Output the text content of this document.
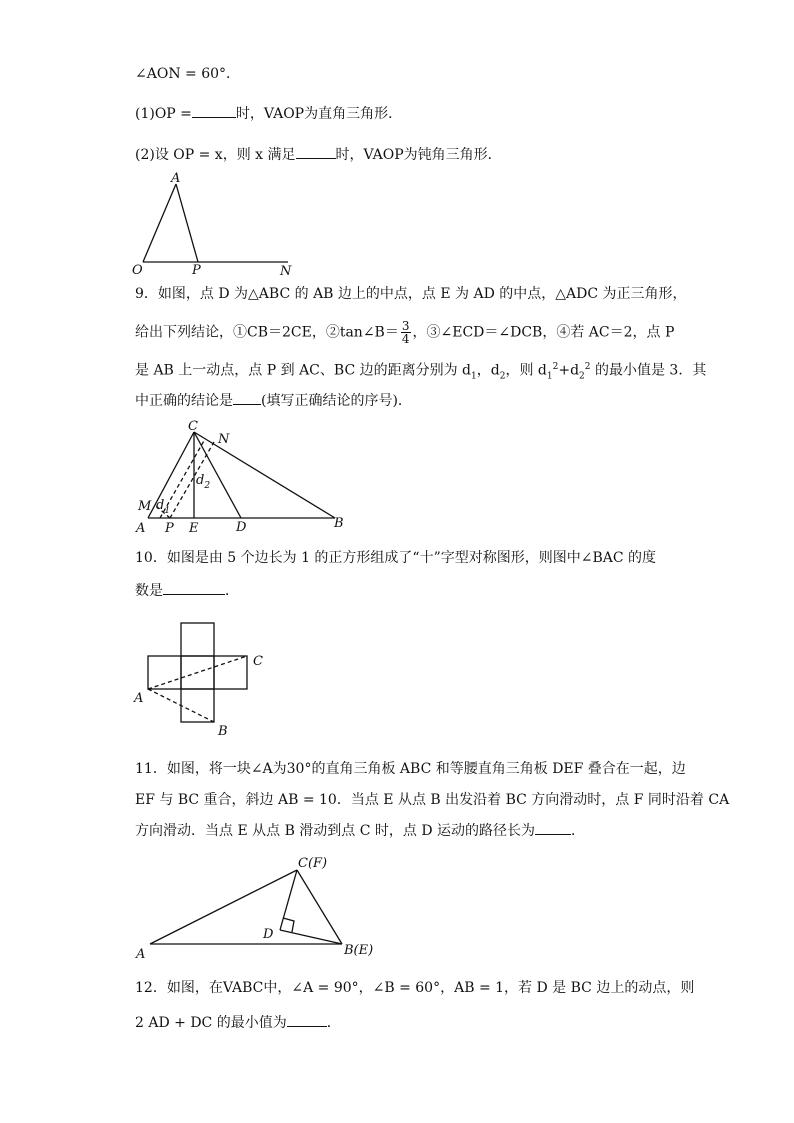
∠AON = 60°．
(1)OP =	时，VAOP为直角三角形．
(2)设 OP = x，则 x 满足	时，VAOP为钝角三角形．
A
O	P	N
9．如图，点 D 为△ABC 的 AB 边上的中点，点 E 为 AD 的中点，△ADC 为正三角形，
给出下列结论，①CB＝2CE，②tan∠B＝ $\frac{3}{4}$ ，③∠ECD＝∠DCB，④若 AC＝2，点 P
是 AB 上一动点，点 P 到 AC、BC 边的距离分别为 $d_1$，$d_2$，则 $d_1^2+d_2^2$ 的最小值是 3．其
中正确的结论是 (填写正确结论的序号)．
C
N
M
A P E	D	B
$d_2$
$d_1$
10．如图是由 5 个边长为 1 的正方形组成了“十”字型对称图形，则图中∠BAC 的度
数是	．
A
B
C
11．如图，将一块∠A为30°的直角三角板 ABC 和等腰直角三角板 DEF 叠合在一起，边
EF 与 BC 重合，斜边 AB = 10．当点 E 从点 B 出发沿着 BC 方向滑动时，点 F 同时沿着 CA
方向滑动．当点 E 从点 B 滑动到点 C 时，点 D 运动的路径长为	．
C(F)
D
A	B(E)
12．如图，在VABC中，∠A = 90°，∠B = 60°，AB = 1，若 D 是 BC 边上的动点，则
2 AD + DC 的最小值为	．
